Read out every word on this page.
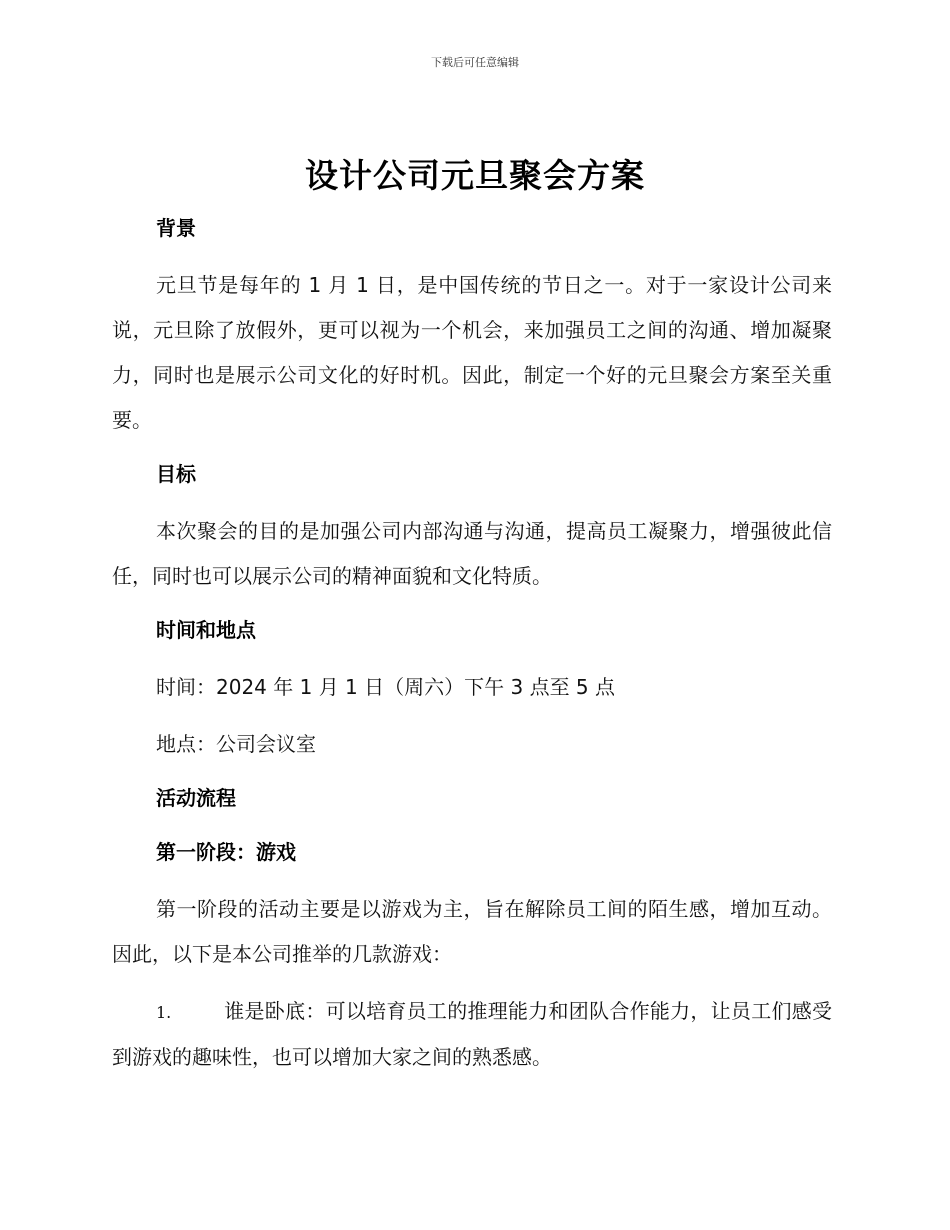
下载后可任意编辑
设计公司元旦聚会方案
背景

元旦节是每年的 1 月 1 日，是中国传统的节日之一。对于一家设计公司来说，元旦除了放假外，更可以视为一个机会，来加强员工之间的沟通、增加凝聚力，同时也是展示公司文化的好时机。因此，制定一个好的元旦聚会方案至关重要。

目标

本次聚会的目的是加强公司内部沟通与沟通，提高员工凝聚力，增强彼此信任，同时也可以展示公司的精神面貌和文化特质。

时间和地点
时间：2024 年 1 月 1 日（周六）下午 3 点至 5 点
地点：公司会议室
活动流程
第一阶段：游戏

第一阶段的活动主要是以游戏为主，旨在解除员工间的陌生感，增加互动。因此，以下是本公司推举的几款游戏：

1.	谁是卧底：可以培育员工的推理能力和团队合作能力，让员工们感受到游戏的趣味性，也可以增加大家之间的熟悉感。
